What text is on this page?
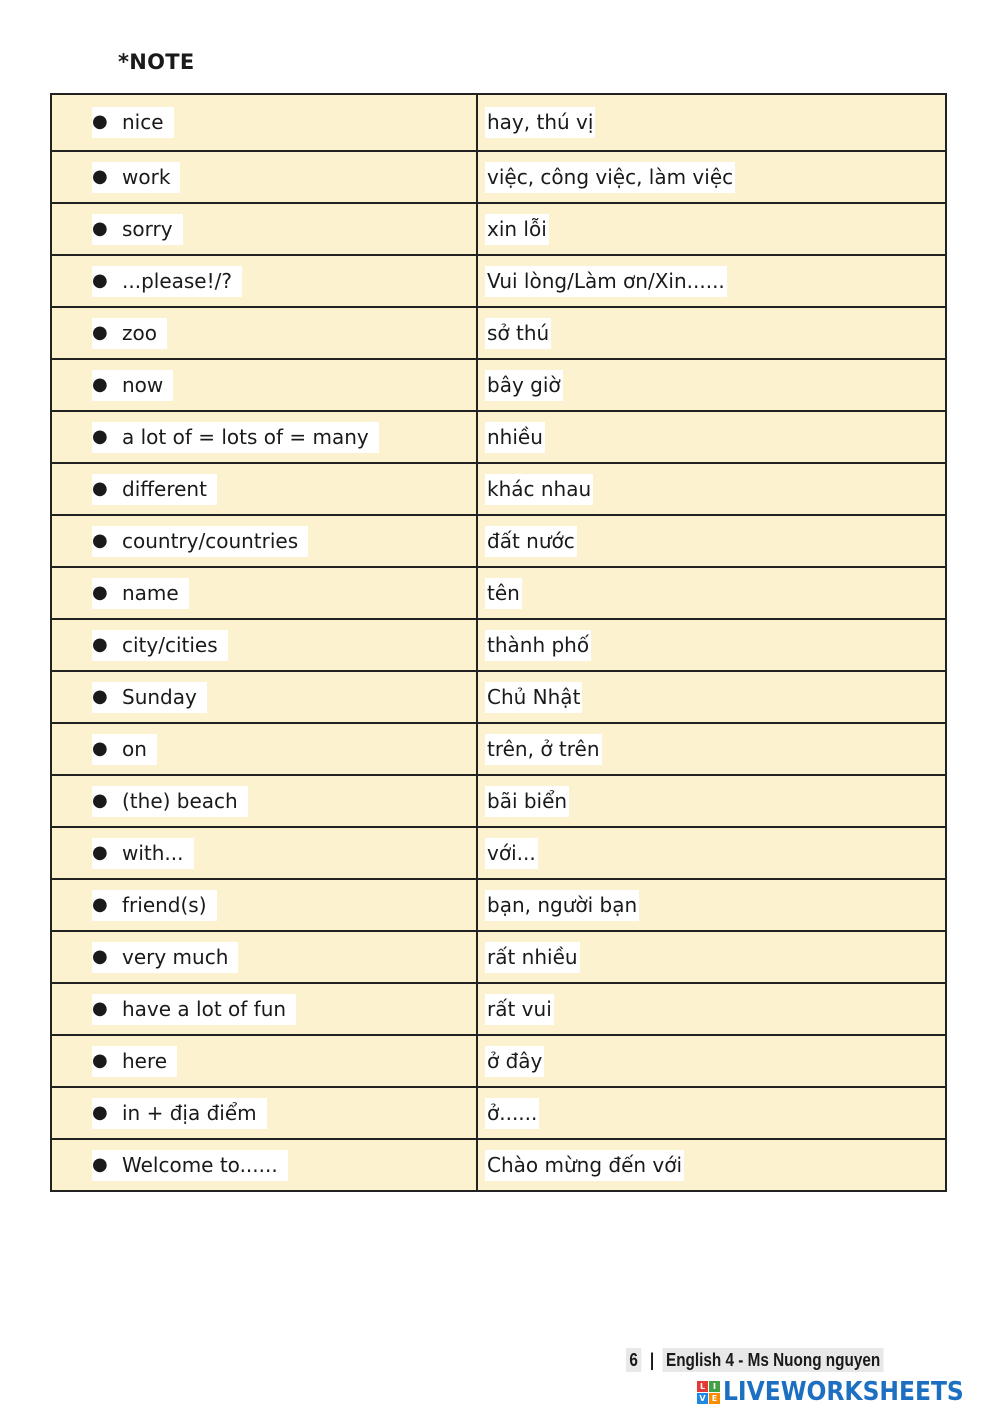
*NOTE
● nice	hay, thú vị

● work	việc, công việc, làm việc

● sorry	xin lỗi

● ...please!/?	Vui lòng/Làm ơn/Xin......

● zoo	sở thú

● now	bây giờ

● a lot of = lots of = many	nhiều

● different	khác nhau

● country/countries	đất nước

● name	tên

● city/cities	thành phố

● Sunday	Chủ Nhật

● on	trên, ở trên

● (the) beach	bãi biển

● with...	với...

● friend(s)	bạn, người bạn

● very much	rất nhiều

● have a lot of fun	rất vui

● here	ở đây

● in + địa điểm	ở......

● Welcome to......	Chào mừng đến với
6 | English 4 - Ms Nuong nguyen
L I
V E LIVEWORKSHEETS
